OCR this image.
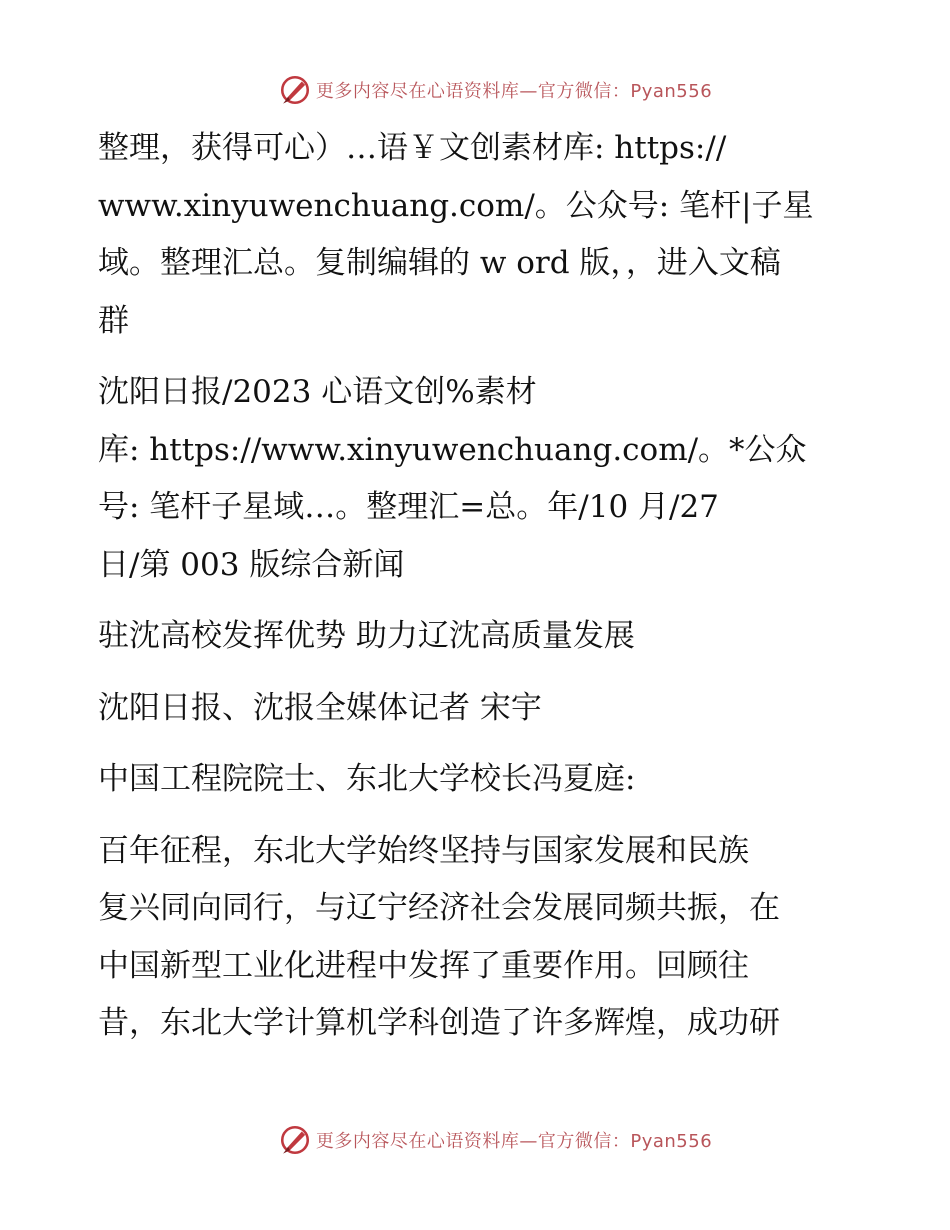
更多内容尽在心语资料库—官方微信：Pyan556
整理，获得可心）…语￥文创素材库: https://
www.xinyuwenchuang.com/。公众号: 笔杆|子星
域。整理汇总。复制编辑的 w ord 版，，进入文稿
群
沈阳日报/2023 心语文创%素材
库: https://www.xinyuwenchuang.com/。*公众
号: 笔杆子星域…。整理汇=总。年/10 月/27
日/第 003 版综合新闻
驻沈高校发挥优势 助力辽沈高质量发展
沈阳日报、沈报全媒体记者 宋宇
中国工程院院士、东北大学校长冯夏庭:
百年征程，东北大学始终坚持与国家发展和民族
复兴同向同行，与辽宁经济社会发展同频共振，在
中国新型工业化进程中发挥了重要作用。回顾往
昔，东北大学计算机学科创造了许多辉煌，成功研
更多内容尽在心语资料库—官方微信：Pyan556
